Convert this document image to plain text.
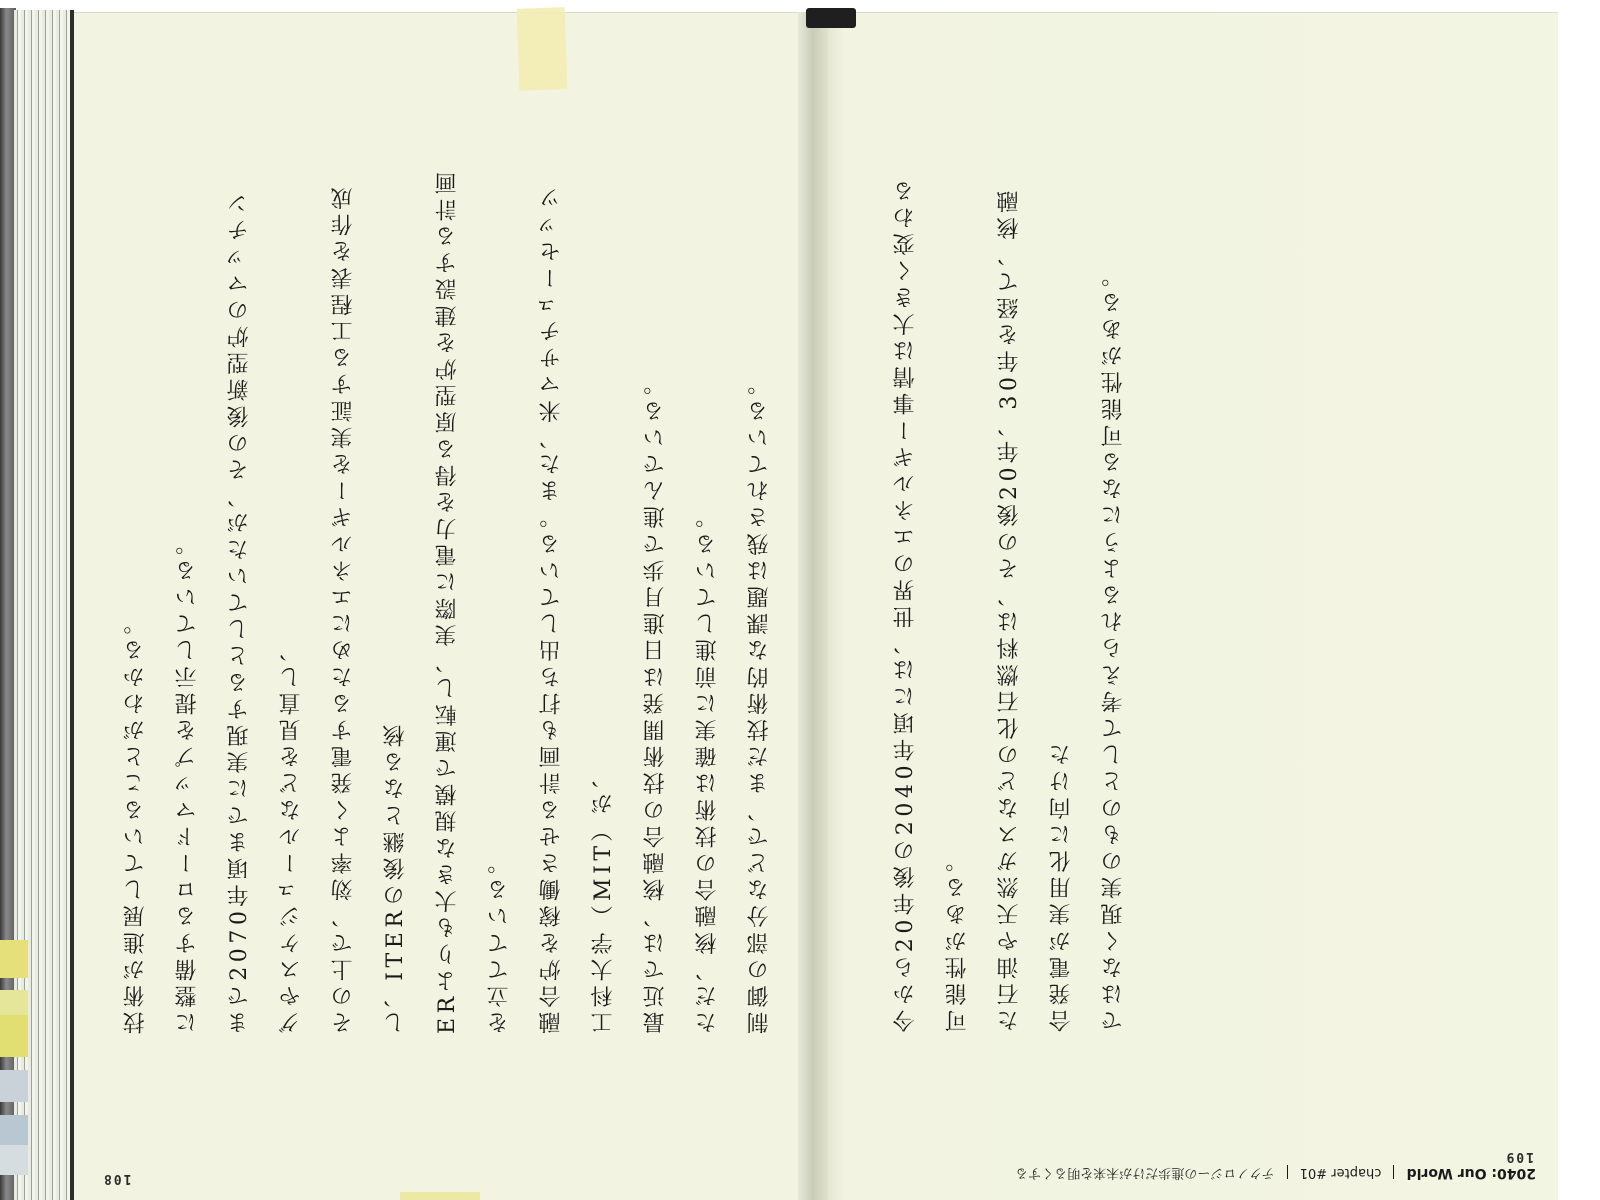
108

技術が進展していることがわかる。	に整備するロードマップを提示している。	まで2070年頃までに実現するとしていたが、その後新型炉のマッチングやスケジュールなどを見直し、	その上で、効率よく発電するためにエネルギーを実証する工程表を作成し、ITERの後継となる核	ERよりも大きな規模で運転し、実際に電力を得る原型炉を建設する計画を立てている。	融合炉を稼働させる計画も打ち出している。また、米マサチューセッツ工科大学（MIT）が、	最近では、核融合の技術開発は日進月歩で進んでいる。	ただ、核融合の技術は確実に前進している。	制御の部分などで、まだ技術的な課題は残されている。

109

今から20年後の2040年頃には、世界のエネルギー事情は大きく変わる可能性がある。	た石油や天然ガスなどの化石燃料は、その後20年、30年を経て、核融合発電が実用化に向けた	ではなく現実のものとして考えられるようになる可能性がある。

2040: Our World  chapter #01  テクノロジーの進歩だけが未来を明るくする
